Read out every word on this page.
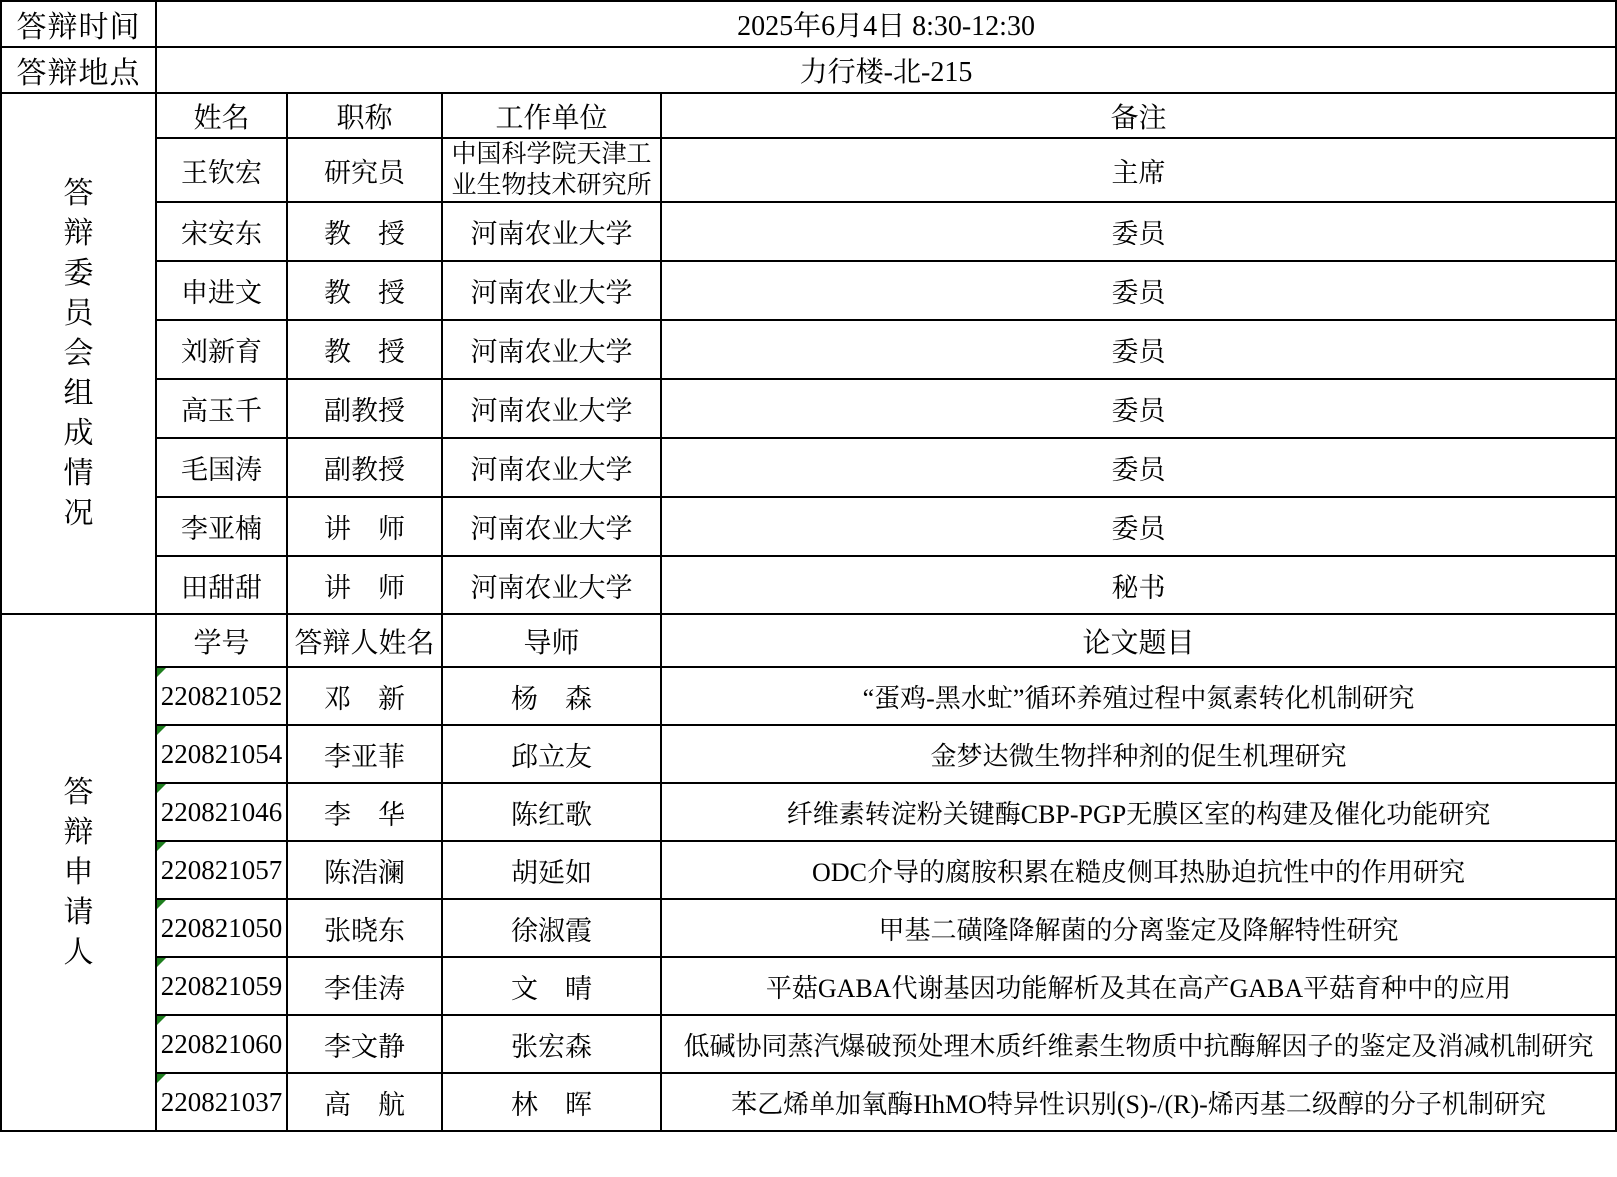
答辩时间	2025年6月4日 8:30-12:30			
答辩地点	力行楼-北-215			
答辩委员会组成情况	姓名	职称	工作单位	备注
	王钦宏	研究员	中国科学院天津工业生物技术研究所	主席
	宋安东	教　授	河南农业大学	委员
	申进文	教　授	河南农业大学	委员
	刘新育	教　授	河南农业大学	委员
	高玉千	副教授	河南农业大学	委员
	毛国涛	副教授	河南农业大学	委员
	李亚楠	讲　师	河南农业大学	委员
	田甜甜	讲　师	河南农业大学	秘书
答辩申请人	学号	答辩人姓名	导师	论文题目

220821052	邓　新	杨　森	“蛋鸡-黑水虻”循环养殖过程中氮素转化机制研究

220821054	李亚菲	邱立友	金梦达微生物拌种剂的促生机理研究

220821046	李　华	陈红歌	纤维素转淀粉关键酶CBP-PGP无膜区室的构建及催化功能研究

220821057	陈浩澜	胡延如	ODC介导的腐胺积累在糙皮侧耳热胁迫抗性中的作用研究

220821050	张晓东	徐淑霞	甲基二磺隆降解菌的分离鉴定及降解特性研究

220821059	李佳涛	文　晴	平菇GABA代谢基因功能解析及其在高产GABA平菇育种中的应用

220821060	李文静	张宏森	低碱协同蒸汽爆破预处理木质纤维素生物质中抗酶解因子的鉴定及消减机制研究

220821037	高　航	林　晖	苯乙烯单加氧酶HhMO特异性识别(S)-/(R)-烯丙基二级醇的分子机制研究
